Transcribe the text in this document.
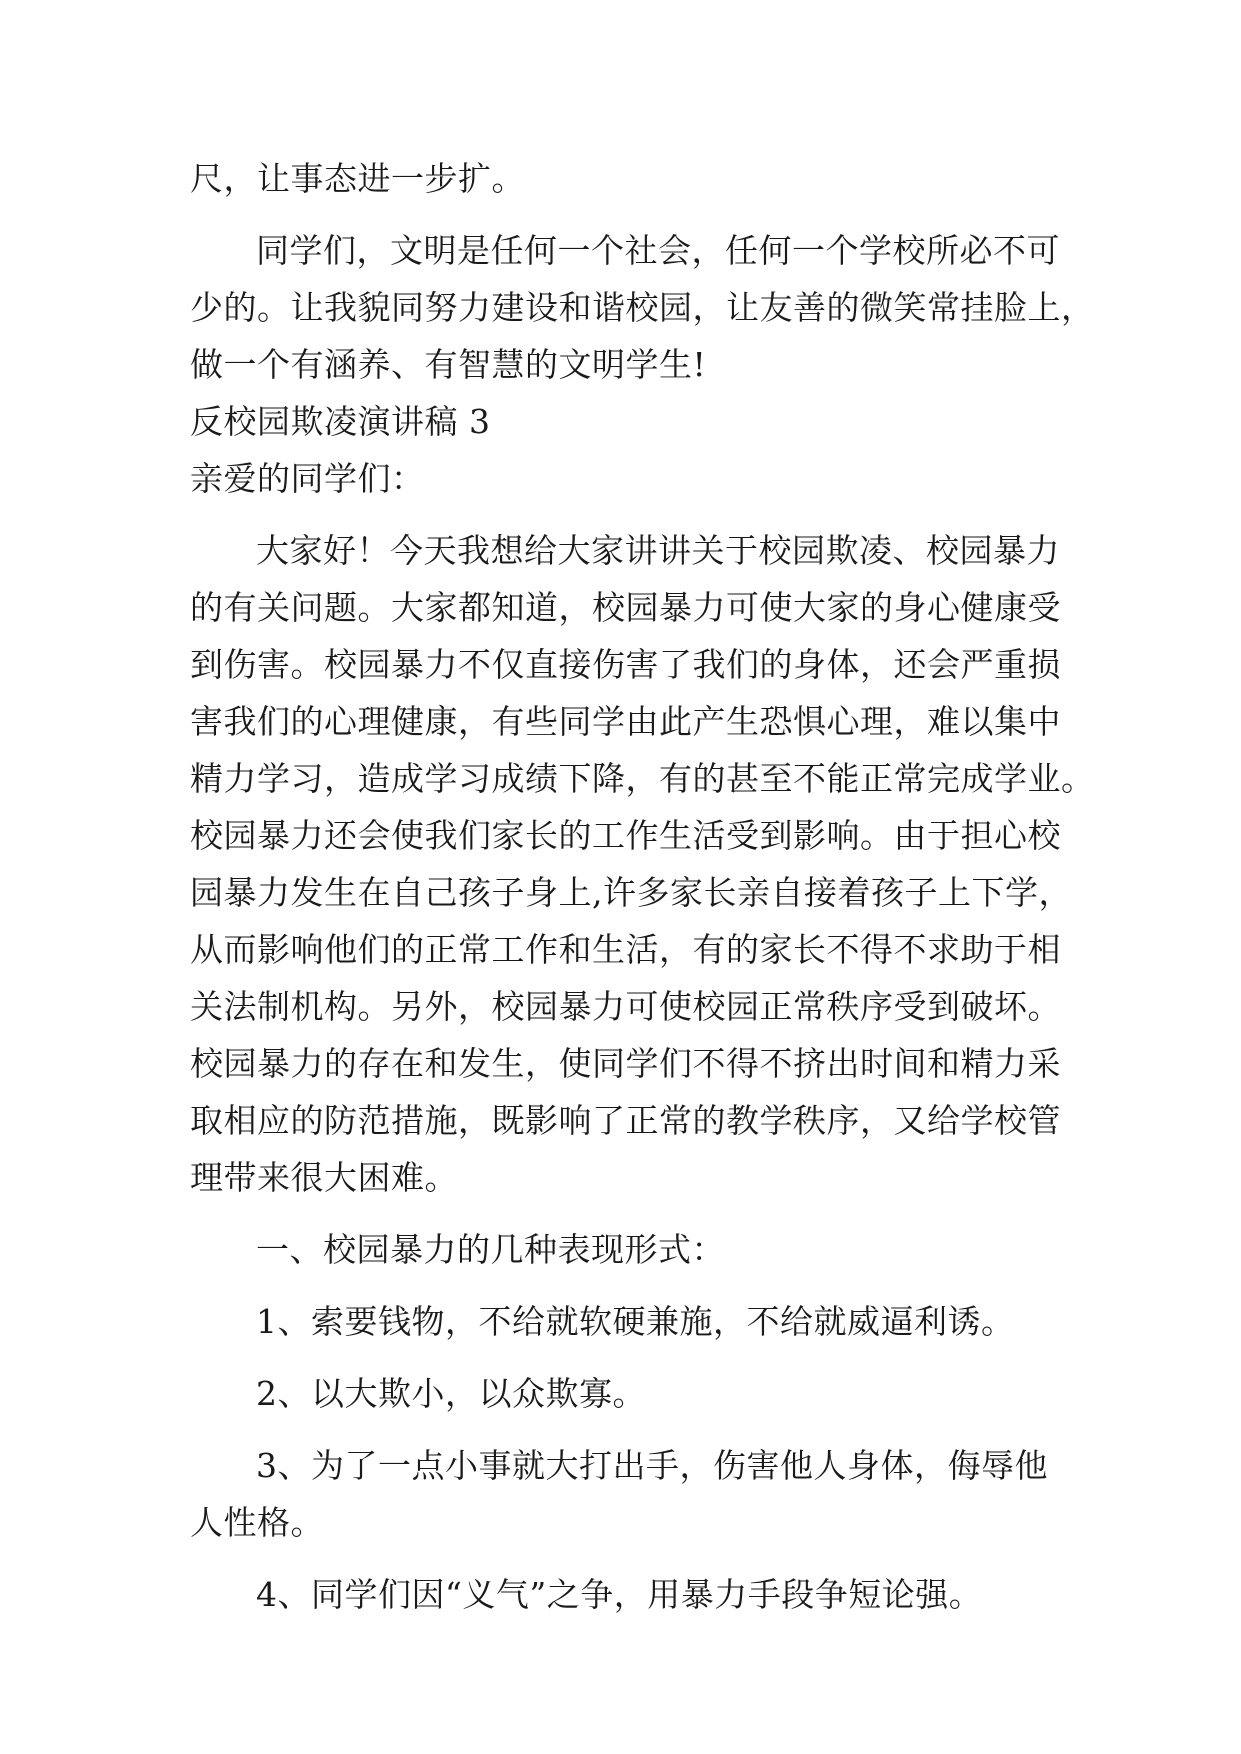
尺，让事态进一步扩。
同学们，文明是任何一个社会，任何一个学校所必不可
少的。让我貌同努力建设和谐校园，让友善的微笑常挂脸上，
做一个有涵养、有智慧的文明学生!
反校园欺凌演讲稿 3
亲爱的同学们：
大家好！今天我想给大家讲讲关于校园欺凌、校园暴力
的有关问题。大家都知道，校园暴力可使大家的身心健康受
到伤害。校园暴力不仅直接伤害了我们的身体，还会严重损
害我们的心理健康，有些同学由此产生恐惧心理，难以集中
精力学习，造成学习成绩下降，有的甚至不能正常完成学业。
校园暴力还会使我们家长的工作生活受到影响。由于担心校
园暴力发生在自己孩子身上,许多家长亲自接着孩子上下学，
从而影响他们的正常工作和生活，有的家长不得不求助于相
关法制机构。另外，校园暴力可使校园正常秩序受到破坏。
校园暴力的存在和发生，使同学们不得不挤出时间和精力采
取相应的防范措施，既影响了正常的教学秩序，又给学校管
理带来很大困难。
一、校园暴力的几种表现形式：
1、索要钱物，不给就软硬兼施，不给就威逼利诱。
2、以大欺小，以众欺寡。
3、为了一点小事就大打出手，伤害他人身体，侮辱他
人性格。
4、同学们因“义气”之争，用暴力手段争短论强。
